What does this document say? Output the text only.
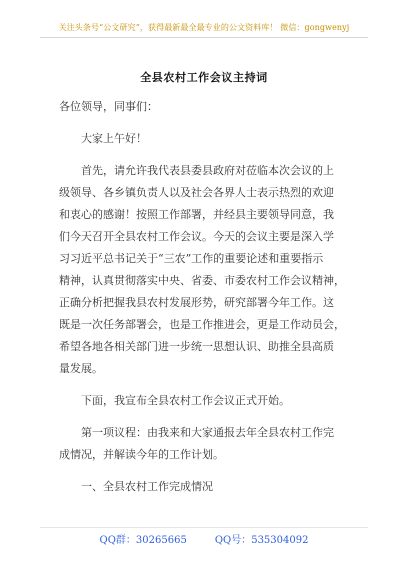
关注头条号“公文研究”，获得最新最全最专业的公文资料库！ 微信：gongwenyj
全县农村工作会议主持词
各位领导，同事们：
大家上午好！
首先，请允许我代表县委县政府对莅临本次会议的上
级领导、各乡镇负责人以及社会各界人士表示热烈的欢迎
和衷心的感谢！按照工作部署，并经县主要领导同意，我
们今天召开全县农村工作会议。今天的会议主要是深入学
习习近平总书记关于“三农”工作的重要论述和重要指示
精神，认真贯彻落实中央、省委、市委农村工作会议精神，
正确分析把握我县农村发展形势，研究部署今年工作。这
既是一次任务部署会，也是工作推进会，更是工作动员会，
希望各地各相关部门进一步统一思想认识、助推全县高质
量发展。
下面，我宣布全县农村工作会议正式开始。
第一项议程：由我来和大家通报去年全县农村工作完
成情况，并解读今年的工作计划。
一、全县农村工作完成情况
QQ群：30265665	QQ号：535304092
